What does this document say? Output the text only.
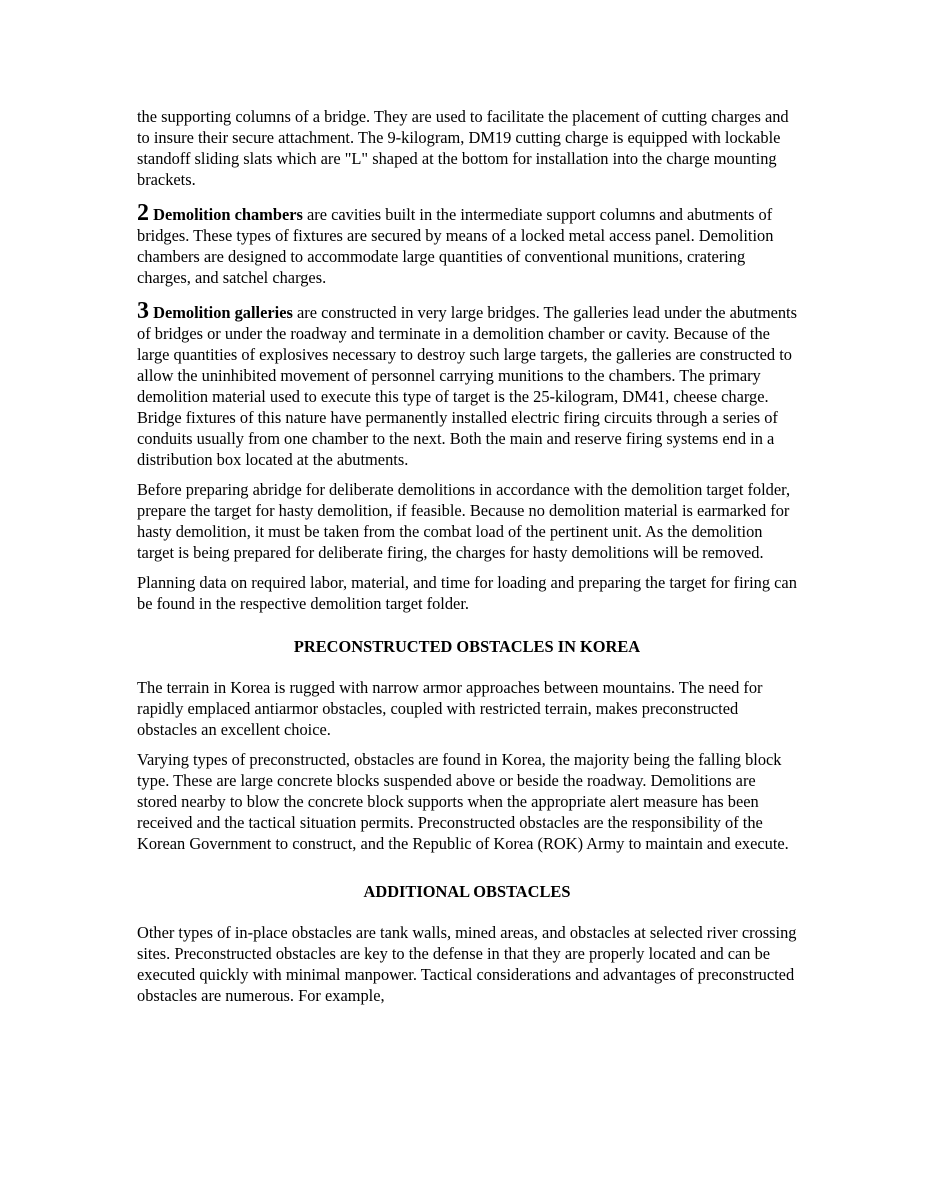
the supporting columns of a bridge. They are used to facilitate the placement of cutting charges and to insure their secure attachment. The 9-kilogram, DM19 cutting charge is equipped with lockable standoff sliding slats which are "L" shaped at the bottom for installation into the charge mounting brackets.

2 Demolition chambers are cavities built in the intermediate support columns and abutments of bridges. These types of fixtures are secured by means of a locked metal access panel. Demolition chambers are designed to accommodate large quantities of conventional munitions, cratering charges, and satchel charges.

3 Demolition galleries are constructed in very large bridges. The galleries lead under the abutments of bridges or under the roadway and terminate in a demolition chamber or cavity. Because of the large quantities of explosives necessary to destroy such large targets, the galleries are constructed to allow the uninhibited movement of personnel carrying munitions to the chambers. The primary demolition material used to execute this type of target is the 25-kilogram, DM41, cheese charge. Bridge fixtures of this nature have permanently installed electric firing circuits through a series of conduits usually from one chamber to the next. Both the main and reserve firing systems end in a distribution box located at the abutments.

Before preparing abridge for deliberate demolitions in accordance with the demolition target folder, prepare the target for hasty demolition, if feasible. Because no demolition material is earmarked for hasty demolition, it must be taken from the combat load of the pertinent unit. As the demolition target is being prepared for deliberate firing, the charges for hasty demolitions will be removed.

Planning data on required labor, material, and time for loading and preparing the target for firing can be found in the respective demolition target folder.

PRECONSTRUCTED OBSTACLES IN KOREA

The terrain in Korea is rugged with narrow armor approaches between mountains. The need for rapidly emplaced antiarmor obstacles, coupled with restricted terrain, makes preconstructed obstacles an excellent choice.

Varying types of preconstructed, obstacles are found in Korea, the majority being the falling block type. These are large concrete blocks suspended above or beside the roadway. Demolitions are stored nearby to blow the concrete block supports when the appropriate alert measure has been received and the tactical situation permits. Preconstructed obstacles are the responsibility of the Korean Government to construct, and the Republic of Korea (ROK) Army to maintain and execute.

ADDITIONAL OBSTACLES

Other types of in-place obstacles are tank walls, mined areas, and obstacles at selected river crossing sites. Preconstructed obstacles are key to the defense in that they are properly located and can be executed quickly with minimal manpower. Tactical considerations and advantages of preconstructed obstacles are numerous. For example,
